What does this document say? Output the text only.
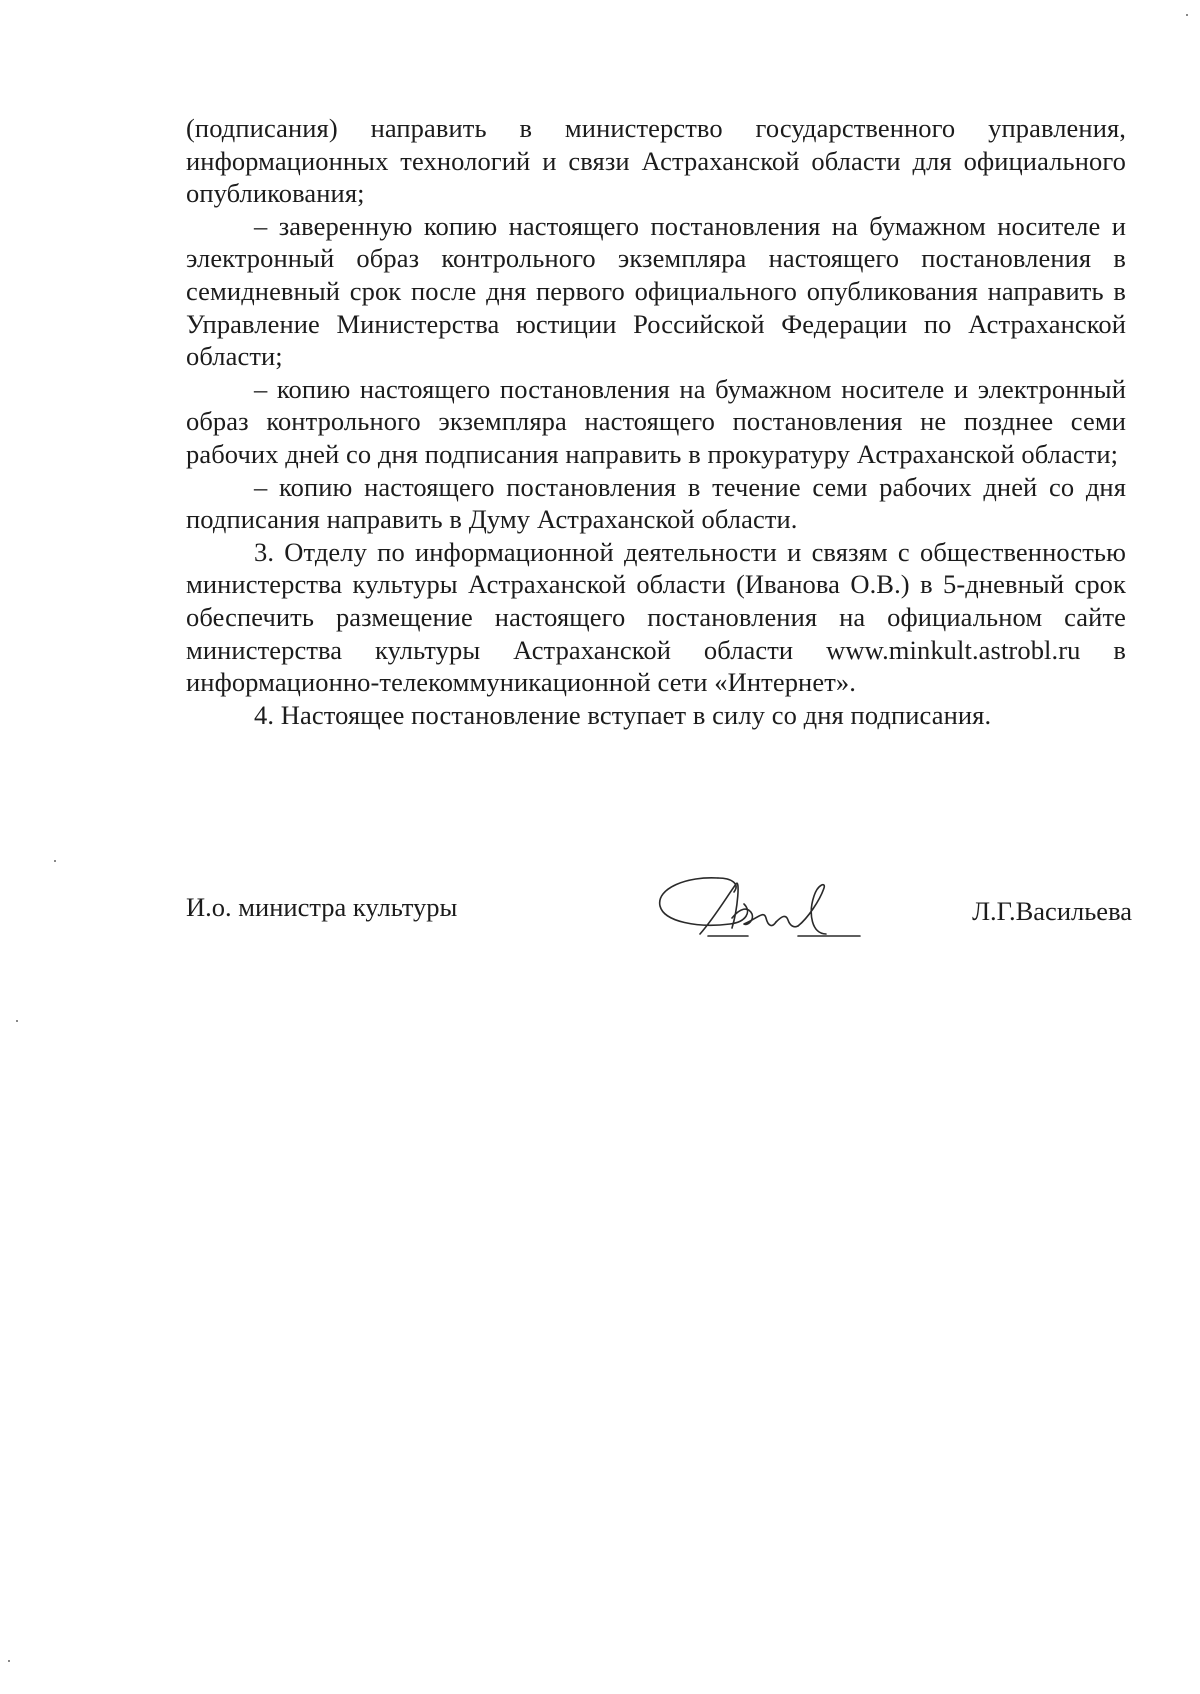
(подписания) направить в министерство государственного управления, информационных технологий и связи Астраханской области для официального опубликования;

– заверенную копию настоящего постановления на бумажном носителе и электронный образ контрольного экземпляра настоящего постановления в семидневный срок после дня первого официального опубликования направить в Управление Министерства юстиции Российской Федерации по Астраханской области;

– копию настоящего постановления на бумажном носителе и электронный образ контрольного экземпляра настоящего постановления не позднее семи рабочих дней со дня подписания направить в прокуратуру Астраханской области;

– копию настоящего постановления в течение семи рабочих дней со дня подписания направить в Думу Астраханской области.

3. Отделу по информационной деятельности и связям с общественностью министерства культуры Астраханской области (Иванова О.В.) в 5-дневный срок обеспечить размещение настоящего постановления на официальном сайте министерства культуры Астраханской области www.minkult.astrobl.ru в информационно-телекоммуникационной сети «Интернет».

4. Настоящее постановление вступает в силу со дня подписания.

И.о. министра культуры	Л.Г.Васильева
